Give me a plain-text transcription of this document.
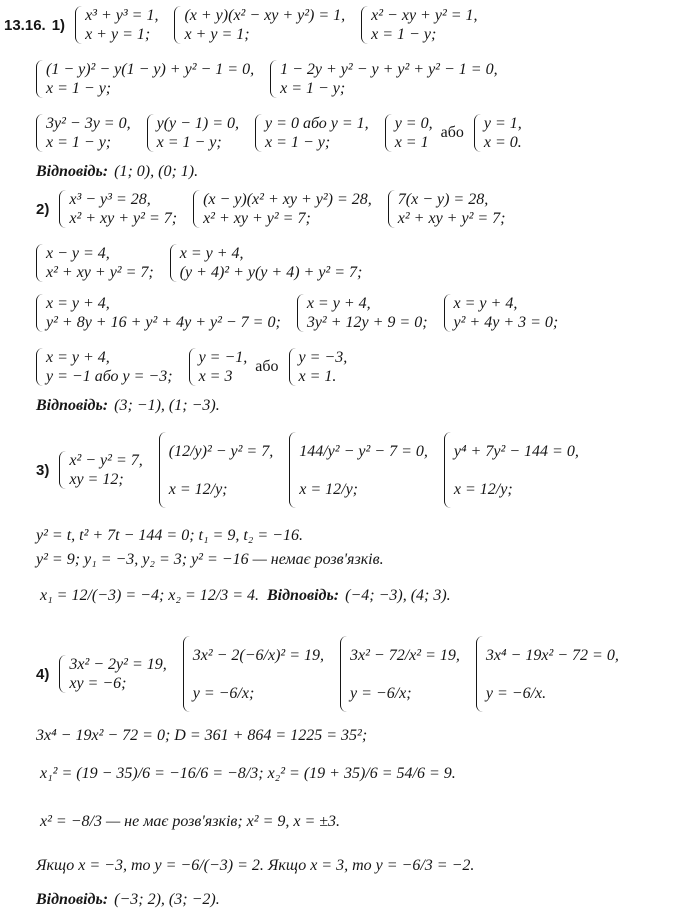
13.16. 1)
x³ + y³ = 1,
x + y = 1;
(x + y)(x² − xy + y²) = 1,
x + y = 1;
x² − xy + y² = 1,
x = 1 − y;
(1 − y)² − y(1 − y) + y² − 1 = 0,
x = 1 − y;
1 − 2y + y² − y + y² + y² − 1 = 0,
x = 1 − y;
3y² − 3y = 0,
x = 1 − y;
y(y − 1) = 0,
x = 1 − y;
y = 0 або y = 1,
x = 1 − y;
y = 0,
x = 1
або
y = 1,
x = 0.
Відповідь: (1; 0), (0; 1).
2)
x³ − y³ = 28,
x² + xy + y² = 7;
(x − y)(x² + xy + y²) = 28,
x² + xy + y² = 7;
7(x − y) = 28,
x² + xy + y² = 7;
x − y = 4,
x² + xy + y² = 7;
x = y + 4,
(y + 4)² + y(y + 4) + y² = 7;
x = y + 4,
y² + 8y + 16 + y² + 4y + y² − 7 = 0;
x = y + 4,
3y² + 12y + 9 = 0;
x = y + 4,
y² + 4y + 3 = 0;
x = y + 4,
y = −1 або y = −3;
y = −1,
x = 3
або
y = −3,
x = 1.
Відповідь: (3; −1), (1; −3).
3)
x² − y² = 7,
xy = 12;
(12/y)² − y² = 7,
x = 12/y;
144/y² − y² − 7 = 0,
x = 12/y;
y⁴ + 7y² − 144 = 0,
x = 12/y;
y² = t, t² + 7t − 144 = 0; t₁ = 9, t₂ = −16.
y² = 9; y₁ = −3, y₂ = 3; y² = −16 — немає розв'язків.
x₁ = 12/(−3) = −4; x₂ = 12/3 = 4. Відповідь: (−4; −3), (4; 3).
4)
3x² − 2y² = 19,
xy = −6;
3x² − 2(−6/x)² = 19,
y = −6/x;
3x² − 72/x² = 19,
y = −6/x;
3x⁴ − 19x² − 72 = 0,
y = −6/x.
3x⁴ − 19x² − 72 = 0; D = 361 + 864 = 1225 = 35²;
x₁² = (19 − 35)/6 = −16/6 = −8/3; x₂² = (19 + 35)/6 = 54/6 = 9.
x² = −8/3 — не має розв'язків; x² = 9, x = ±3.
Якщо x = −3, то y = −6/(−3) = 2. Якщо x = 3, то y = −6/3 = −2.
Відповідь: (−3; 2), (3; −2).
